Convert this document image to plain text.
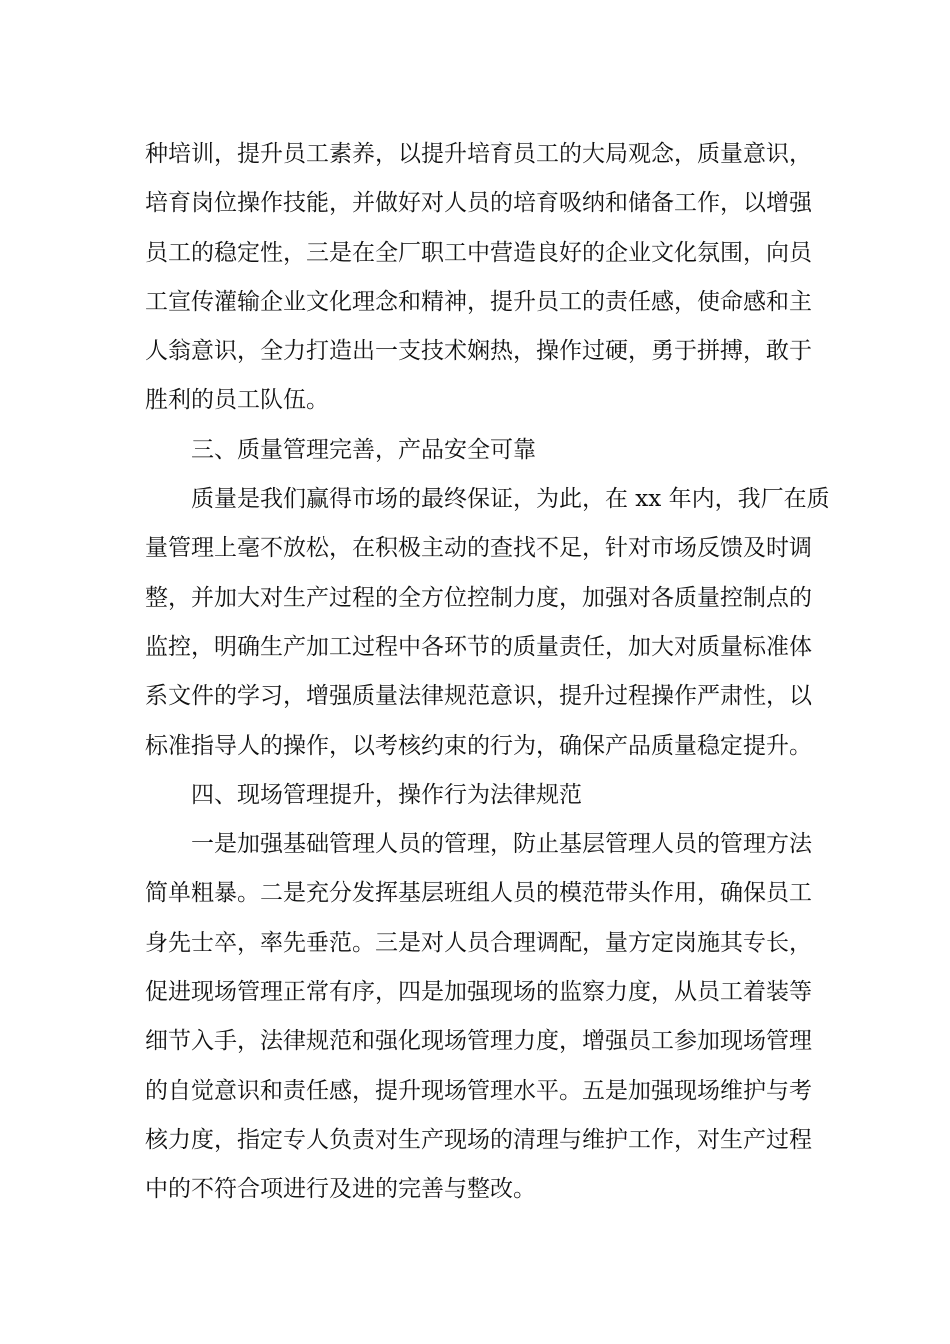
种培训，提升员工素养，以提升培育员工的大局观念，质量意识，
培育岗位操作技能，并做好对人员的培育吸纳和储备工作，以增强
员工的稳定性，三是在全厂职工中营造良好的企业文化氛围，向员
工宣传灌输企业文化理念和精神，提升员工的责任感，使命感和主
人翁意识，全力打造出一支技术娴热，操作过硬，勇于拼搏，敢于
胜利的员工队伍。
三、质量管理完善，产品安全可靠
质量是我们赢得市场的最终保证，为此，在 xx 年内，我厂在质
量管理上毫不放松，在积极主动的查找不足，针对市场反馈及时调
整，并加大对生产过程的全方位控制力度，加强对各质量控制点的
监控，明确生产加工过程中各环节的质量责任，加大对质量标准体
系文件的学习，增强质量法律规范意识，提升过程操作严肃性，以
标准指导人的操作，以考核约束的行为，确保产品质量稳定提升。
四、现场管理提升，操作行为法律规范
一是加强基础管理人员的管理，防止基层管理人员的管理方法
简单粗暴。二是充分发挥基层班组人员的模范带头作用，确保员工
身先士卒，率先垂范。三是对人员合理调配，量方定岗施其专长，
促进现场管理正常有序，四是加强现场的监察力度，从员工着装等
细节入手，法律规范和强化现场管理力度，增强员工参加现场管理
的自觉意识和责任感，提升现场管理水平。五是加强现场维护与考
核力度，指定专人负责对生产现场的清理与维护工作，对生产过程
中的不符合项进行及进的完善与整改。
